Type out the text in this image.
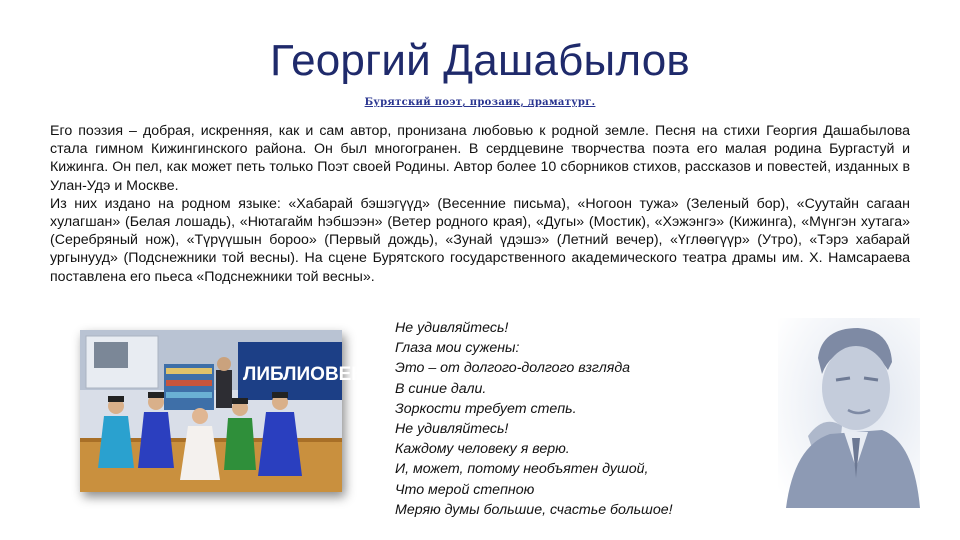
Георгий Дашабылов
Бурятский поэт, прозаик, драматург.

Его поэзия – добрая, искренняя, как и сам автор, пронизана любовью к родной земле. Песня на стихи Георгия Дашабылова стала гимном Кижингинского района. Он был многогранен. В сердцевине творчества поэта его малая родина Бургастуй и Кижинга. Он пел, как может петь только Поэт своей Родины. Автор более 10 сборников стихов, рассказов и повестей, изданных в Улан-Удэ и Москве.

Из них издано на родном языке: «Хабарай бэшэгүүд» (Весенние письма), «Ногоон тужа» (Зеленый бор), «Суутайн сагаан хулагшан» (Белая лошадь), «Нютагайм һэбшээн» (Ветер родного края), «Дугы» (Мостик), «Хэжэнгэ» (Кижинга), «Мүнгэн хутага» (Серебряный нож), «Түрүүшын бороо» (Первый дождь), «Зунай үдэшэ» (Летний вечер), «Үглөөгүүр» (Утро), «Тэрэ хабарай ургынууд» (Подснежники той весны). На сцене Бурятского государственного академического театра драмы им. Х. Намсараева поставлена его пьеса «Подснежники той весны».

ЛИБЛИОВЕК
Не удивляйтесь!
Глаза мои сужены:
Это – от долгого-долгого взгляда
В синие дали.
Зоркости требует степь.
Не удивляйтесь!
Каждому человеку я верю.
И, может, потому необъятен душой,
Что мерой степною
Меряю думы большие, счастье большое!
